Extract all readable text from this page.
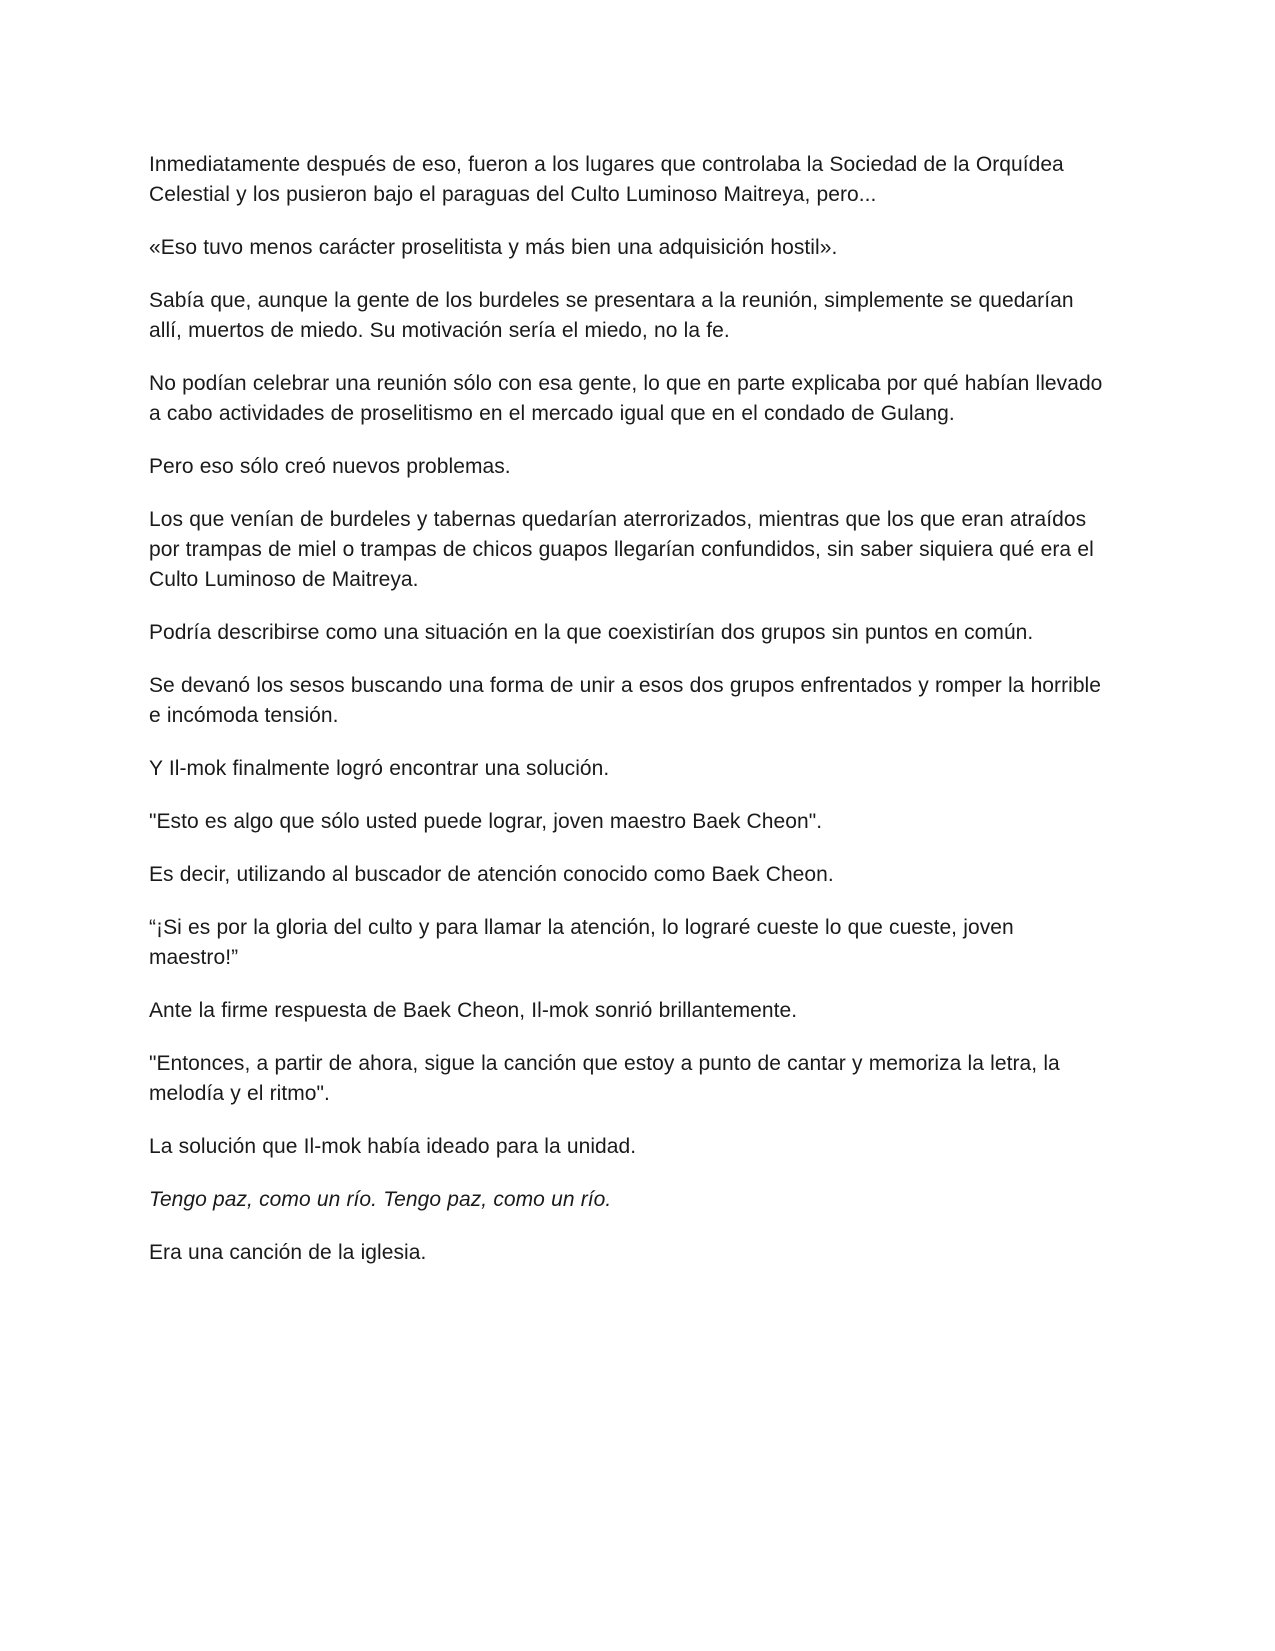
Inmediatamente después de eso, fueron a los lugares que controlaba la Sociedad de la Orquídea Celestial y los pusieron bajo el paraguas del Culto Luminoso Maitreya, pero...

«Eso tuvo menos carácter proselitista y más bien una adquisición hostil».

Sabía que, aunque la gente de los burdeles se presentara a la reunión, simplemente se quedarían allí, muertos de miedo. Su motivación sería el miedo, no la fe.

No podían celebrar una reunión sólo con esa gente, lo que en parte explicaba por qué habían llevado a cabo actividades de proselitismo en el mercado igual que en el condado de Gulang.

Pero eso sólo creó nuevos problemas.

Los que venían de burdeles y tabernas quedarían aterrorizados, mientras que los que eran atraídos por trampas de miel o trampas de chicos guapos llegarían confundidos, sin saber siquiera qué era el Culto Luminoso de Maitreya.

Podría describirse como una situación en la que coexistirían dos grupos sin puntos en común.

Se devanó los sesos buscando una forma de unir a esos dos grupos enfrentados y romper la horrible e incómoda tensión.

Y Il-mok finalmente logró encontrar una solución.

"Esto es algo que sólo usted puede lograr, joven maestro Baek Cheon".

Es decir, utilizando al buscador de atención conocido como Baek Cheon.

“¡Si es por la gloria del culto y para llamar la atención, lo lograré cueste lo que cueste, joven maestro!”

Ante la firme respuesta de Baek Cheon, Il-mok sonrió brillantemente.

"Entonces, a partir de ahora, sigue la canción que estoy a punto de cantar y memoriza la letra, la melodía y el ritmo".

La solución que Il-mok había ideado para la unidad.

Tengo paz, como un río. Tengo paz, como un río.

Era una canción de la iglesia.
